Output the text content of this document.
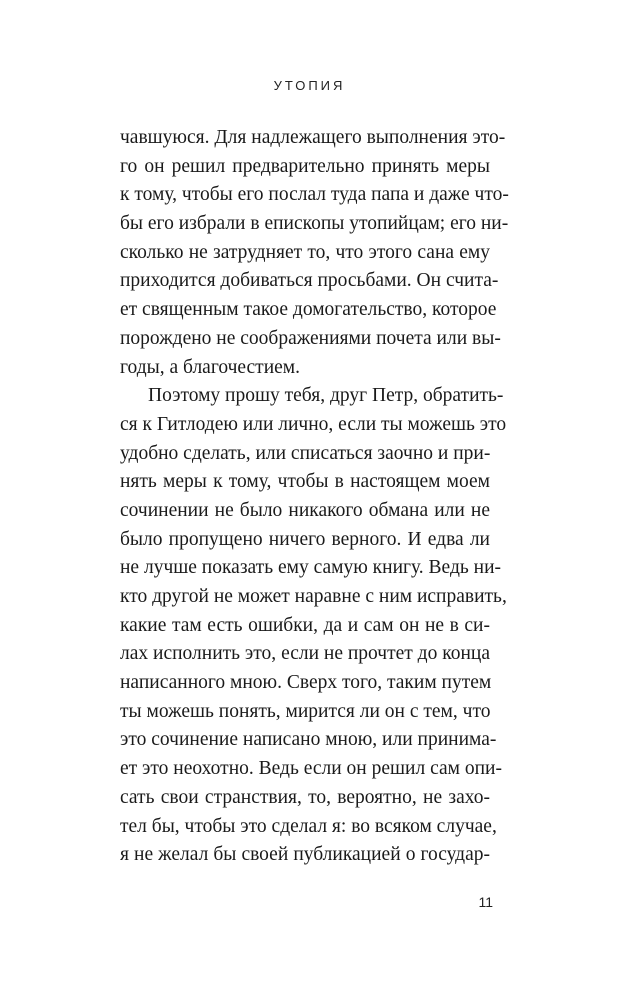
УТОПИЯ
чавшуюся. Для надлежащего выполнения это-
го он решил предварительно принять меры
к тому, чтобы его послал туда папа и даже что-
бы его избрали в епископы утопийцам; его ни-
сколько не затрудняет то, что этого сана ему
приходится добиваться просьбами. Он счита-
ет священным такое домогательство, которое
порождено не соображениями почета или вы-
годы, а благочестием.
Поэтому прошу тебя, друг Петр, обратить-
ся к Гитлодею или лично, если ты можешь это
удобно сделать, или списаться заочно и при-
нять меры к тому, чтобы в настоящем моем
сочинении не было никакого обмана или не
было пропущено ничего верного. И едва ли
не лучше показать ему самую книгу. Ведь ни-
кто другой не может наравне с ним исправить,
какие там есть ошибки, да и сам он не в си-
лах исполнить это, если не прочтет до конца
написанного мною. Сверх того, таким путем
ты можешь понять, мирится ли он с тем, что
это сочинение написано мною, или принима-
ет это неохотно. Ведь если он решил сам опи-
сать свои странствия, то, вероятно, не захо-
тел бы, чтобы это сделал я: во всяком случае,
я не желал бы своей публикацией о государ-
11
